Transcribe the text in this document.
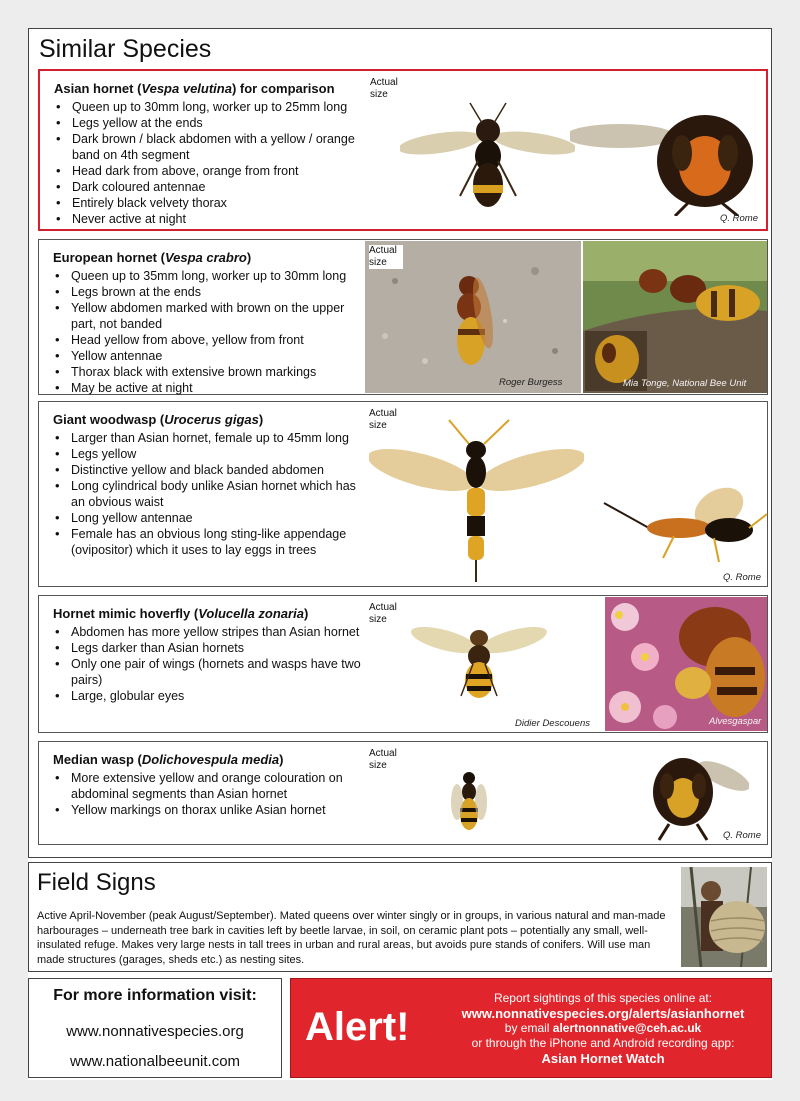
Similar Species
Asian hornet (Vespa velutina) for comparison
• Queen up to 30mm long, worker up to 25mm long
• Legs yellow at the ends
• Dark brown / black abdomen with a yellow / orange band on 4th segment
• Head dark from above, orange from front
• Dark coloured antennae
• Entirely black velvety thorax
• Never active at night
Actual size
Q. Rome
European hornet (Vespa crabro)
• Queen up to 35mm long, worker up to 30mm long
• Legs brown at the ends
• Yellow abdomen marked with brown on the upper part, not banded
• Head yellow from above, yellow from front
• Yellow antennae
• Thorax black with extensive brown markings
• May be active at night
Actual size
Roger Burgess	Mia Tonge, National Bee Unit
Giant woodwasp (Urocerus gigas)
• Larger than Asian hornet, female up to 45mm long
• Legs yellow
• Distinctive yellow and black banded abdomen
• Long cylindrical body unlike Asian hornet which has an obvious waist
• Long yellow antennae
• Female has an obvious long sting-like appendage (ovipositor) which it uses to lay eggs in trees
Actual size
Q. Rome
Hornet mimic hoverfly (Volucella zonaria)
• Abdomen has more yellow stripes than Asian hornet
• Legs darker than Asian hornets
• Only one pair of wings (hornets and wasps have two pairs)
• Large, globular eyes
Actual size
Didier Descouens	Alvesgaspar
Median wasp (Dolichovespula media)
• More extensive yellow and orange colouration on abdominal segments than Asian hornet
• Yellow markings on thorax unlike Asian hornet
Actual size
Q. Rome
Field Signs

Active April-November (peak August/September). Mated queens over winter singly or in groups, in various natural and man-made harbourages – underneath tree bark in cavities left by beetle larvae, in soil, on ceramic plant pots – potentially any small, well-insulated refuge. Makes very large nests in tall trees in urban and rural areas, but avoids pure stands of conifers. Will use man made structures (garages, sheds etc.) as nesting sites.

For more information visit:
www.nonnativespecies.org
www.nationalbeeunit.com
Alert!
Report sightings of this species online at:
www.nonnativespecies.org/alerts/asianhornet
by email alertnonnative@ceh.ac.uk
or through the iPhone and Android recording app:
Asian Hornet Watch
